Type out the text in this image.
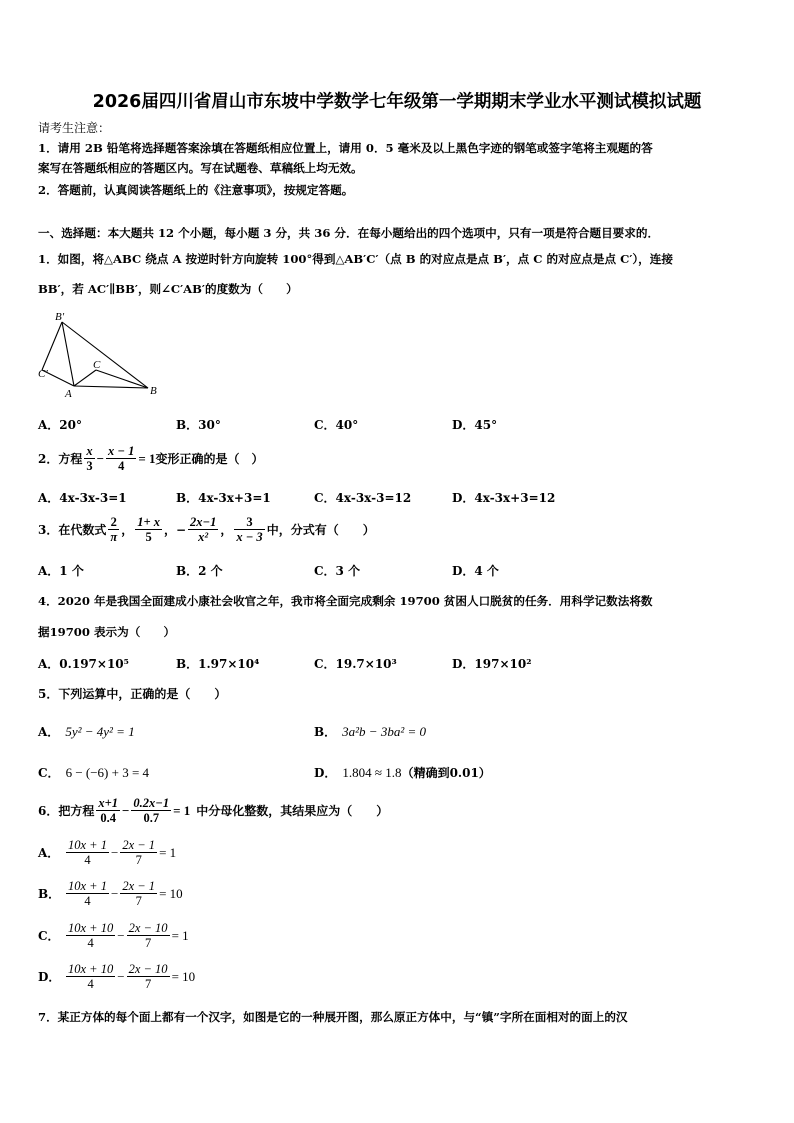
2026届四川省眉山市东坡中学数学七年级第一学期期末学业水平测试模拟试题
请考生注意：
1．请用 2B 铅笔将选择题答案涂填在答题纸相应位置上，请用 0．5 毫米及以上黑色字迹的钢笔或签字笔将主观题的答
案写在答题纸相应的答题区内。写在试题卷、草稿纸上均无效。
2．答题前，认真阅读答题纸上的《注意事项》，按规定答题。
一、选择题：本大题共 12 个小题，每小题 3 分，共 36 分．在每小题给出的四个选项中，只有一项是符合题目要求的．
1．如图，将△ABC 绕点 A 按逆时针方向旋转 100°得到△AB′C′（点 B 的对应点是点 B′，点 C 的对应点是点 C′），连接
BB′，若 AC′∥BB′，则∠C′AB′的度数为（　　）
B′
C′
C
A	B
A．20°	B．30°	C．40°	D．45°
2．方程 $\frac{x}{3} - \frac{x - 1}{4} = 1$ 变形正确的是（　）
A．4x-3x-3=1	B．4x-3x+3=1	C．4x-3x-3=12	D．4x-3x+3=12
3．在代数式 $\frac{2}{\pi}$ ， $\frac{1+ x}{5}$ ，− $\frac{2x-1}{\text{x²}}$ ， $\frac{3}{x - 3}$ 中，分式有（　　）
A．1 个	B．2 个	C．3 个	D．4 个
4．2020 年是我国全面建成小康社会收官之年，我市将全面完成剩余 19700 贫困人口脱贫的任务．用科学记数法将数
据19700 表示为（　　）
A．0.197×10⁵	B．1.97×10⁴	C．19.7×10³	D．197×10²
5．下列运算中，正确的是（　　）
A． 5y² − 4y² = 1	B． 3a²b − 3ba² = 0
C． 6 − (−6) + 3 = 4	D． 1.804 ≈ 1.8（精确到0.01）
6．把方程 $\frac{x+1}{0.4} - \frac{0.2x-1}{0.7} = 1$ 中分母化整数，其结果应为（　　）
A． $\frac{10x + 1}{4} - \frac{2x - 1}{7} = 1$
B． $\frac{10x + 1}{4} - \frac{2x - 1}{7} = 10$
C． $\frac{10x + 10}{4} - \frac{2x - 10}{7} = 1$
D． $\frac{10x + 10}{4} - \frac{2x - 10}{7} = 10$
7．某正方体的每个面上都有一个汉字，如图是它的一种展开图，那么原正方体中，与“镇”字所在面相对的面上的汉
